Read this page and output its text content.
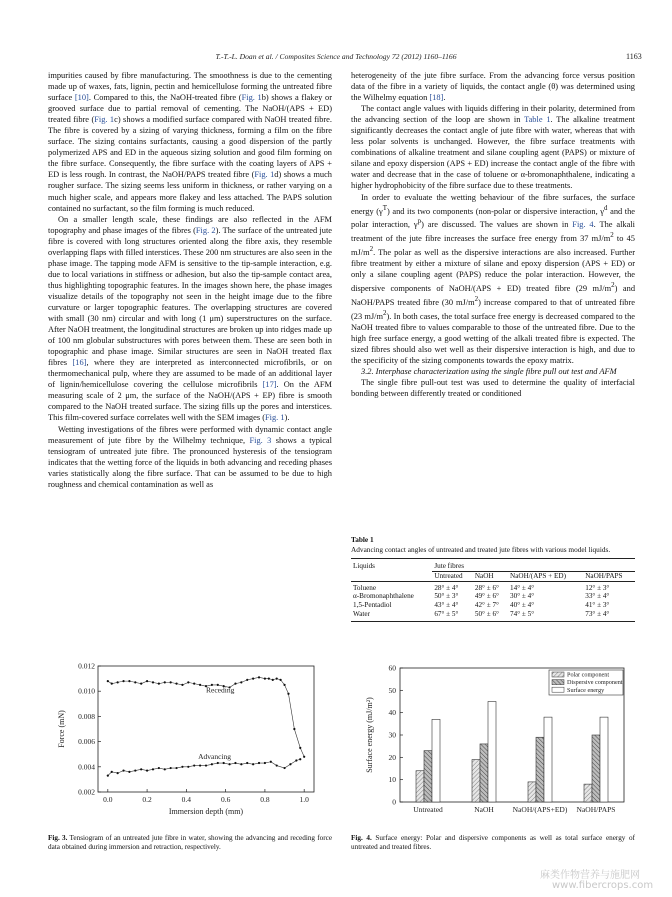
T.-T.-L. Doan et al. / Composites Science and Technology 72 (2012) 1160–1166	1163

impurities caused by fibre manufacturing. The smoothness is due to the cementing made up of waxes, fats, lignin, pectin and hemicellulose forming the untreated fibre surface [10]. Compared to this, the NaOH-treated fibre (Fig. 1b) shows a flakey or grooved surface due to partial removal of cementing. The NaOH/(APS + ED) treated fibre (Fig. 1c) shows a modified surface compared with NaOH treated fibre. The fibre is covered by a sizing of varying thickness, forming a film on the fibre surface. The sizing contains surfactants, causing a good dispersion of the partly polymerized APS and ED in the aqueous sizing solution and good film forming on the fibre surface. Consequently, the fibre surface with the coating layers of APS + ED is less rough. In contrast, the NaOH/PAPS treated fibre (Fig. 1d) shows a much rougher surface. The sizing seems less uniform in thickness, or rather varying on a much higher scale, and appears more flakey and less attached. The PAPS solution contained no surfactant, so the film forming is much reduced.

On a smaller length scale, these findings are also reflected in the AFM topography and phase images of the fibres (Fig. 2). The surface of the untreated jute fibre is covered with long structures oriented along the fibre axis, they resemble overlapping flaps with filled interstices. These 200 nm structures are also seen in the phase image. The tapping mode AFM is sensitive to the tip-sample interaction, e.g. due to local variations in stiffness or adhesion, but also the tip-sample contact area, thus highlighting topographic features. In the images shown here, the phase images visualize details of the topography not seen in the height image due to the fibre curvature or larger topographic features. The overlapping structures are covered with small (30 nm) circular and with long (1 μm) superstructures on the surface. After NaOH treatment, the longitudinal structures are broken up into ridges made up of 100 nm globular substructures with pores between them. These are seen both in topographic and phase image. Similar structures are seen in NaOH treated flax fibres [16], where they are interpreted as interconnected microfibrils, or on thermomechanical pulp, where they are assumed to be made of an additional layer of lignin/hemicellulose covering the cellulose microfibrils [17]. On the AFM measuring scale of 2 μm, the surface of the NaOH/(APS + EP) fibre is smooth compared to the NaOH treated surface. The sizing fills up the pores and interstices. This film-covered surface correlates well with the SEM images (Fig. 1).

Wetting investigations of the fibres were performed with dynamic contact angle measurement of jute fibre by the Wilhelmy technique, Fig. 3 shows a typical tensiogram of untreated jute fibre. The pronounced hysteresis of the tensiogram indicates that the wetting force of the liquids in both advancing and receding phases varies statistically along the fibre surface. That can be assumed to be due to high roughness and chemical contamination as well as

heterogeneity of the jute fibre surface. From the advancing force versus position data of the fibre in a variety of liquids, the contact angle (θ) was determined using the Wilhelmy equation [18].

The contact angle values with liquids differing in their polarity, determined from the advancing section of the loop are shown in Table 1. The alkaline treatment significantly decreases the contact angle of jute fibre with water, whereas that with less polar solvents is unchanged. However, the fibre surface treatments with combinations of alkaline treatment and silane coupling agent (PAPS) or mixture of silane and epoxy dispersion (APS + ED) increase the contact angle of the fibre with water and decrease that in the case of toluene or α-bromonaphthalene, indicating a higher hydrophobicity of the fibre surface due to these treatments.

In order to evaluate the wetting behaviour of the fibre surfaces, the surface energy $(\gamma^T)$ and its two components (non-polar or dispersive interaction, $\gamma^d$ and the polar interaction, $\gamma^p$) are discussed. The values are shown in Fig. 4. The alkali treatment of the jute fibre increases the surface free energy from 37 $mJ/m^2$ to 45 $mJ/m^2$. The polar as well as the dispersive interactions are also increased. Further fibre treatment by either a mixture of silane and epoxy dispersion (APS + ED) or only a silane coupling agent (PAPS) reduce the polar interaction. However, the dispersive components of NaOH/(APS + ED) treated fibre (29 $mJ/m^2$) and NaOH/PAPS treated fibre (30 $mJ/m^2$) increase compared to that of untreated fibre (23 $mJ/m^2$). In both cases, the total surface free energy is decreased compared to the NaOH treated fibre to values comparable to those of the untreated fibre. Due to the high free surface energy, a good wetting of the alkali treated fibre is expected. The sized fibres should also wet well as their dispersive interaction is high, and due to the specificity of the sizing components towards the epoxy matrix.

3.2. Interphase characterization using the single fibre pull out test and AFM

The single fibre pull-out test was used to determine the quality of interfacial bonding between differently treated or conditioned

Table 1
Advancing contact angles of untreated and treated jute fibres with various model liquids.
Liquids	Jute fibres			
	Untreated	NaOH	NaOH/(APS + ED)	NaOH/PAPS
Toluene	28° ± 4°	28° ± 6°	14° ± 4°	12° ± 3°
α-Bromonaphthalene	50° ± 3°	49° ± 6°	30° ± 4°	33° ± 4°
1,5-Pentadiol	43° ± 4°	42° ± 7°	40° ± 4°	41° ± 3°
Water	67° ± 5°	50° ± 6°	74° ± 5°	73° ± 4°
0.0	0.2	0.4	0.6	0.8	1.0
0.002
0.004
0.006
0.008
0.010
0.012
Immersion depth (mm)
Force (mN)
Receding
Advancing
Fig. 3. Tensiogram of an untreated jute fibre in water, showing the advancing and receding force data obtained during immersion and retraction, respectively.
0
10
20
30
40
50
60
Surface energy (mJ/m²)
Untreated	NaOH	NaOH/(APS+ED) NaOH/PAPS
Polar component
Dispersive component
Surface energy
Fig. 4. Surface energy: Polar and dispersive components as well as total surface energy of untreated and treated fibres.
麻类作物营养与施肥网
www.fibercrops.com
